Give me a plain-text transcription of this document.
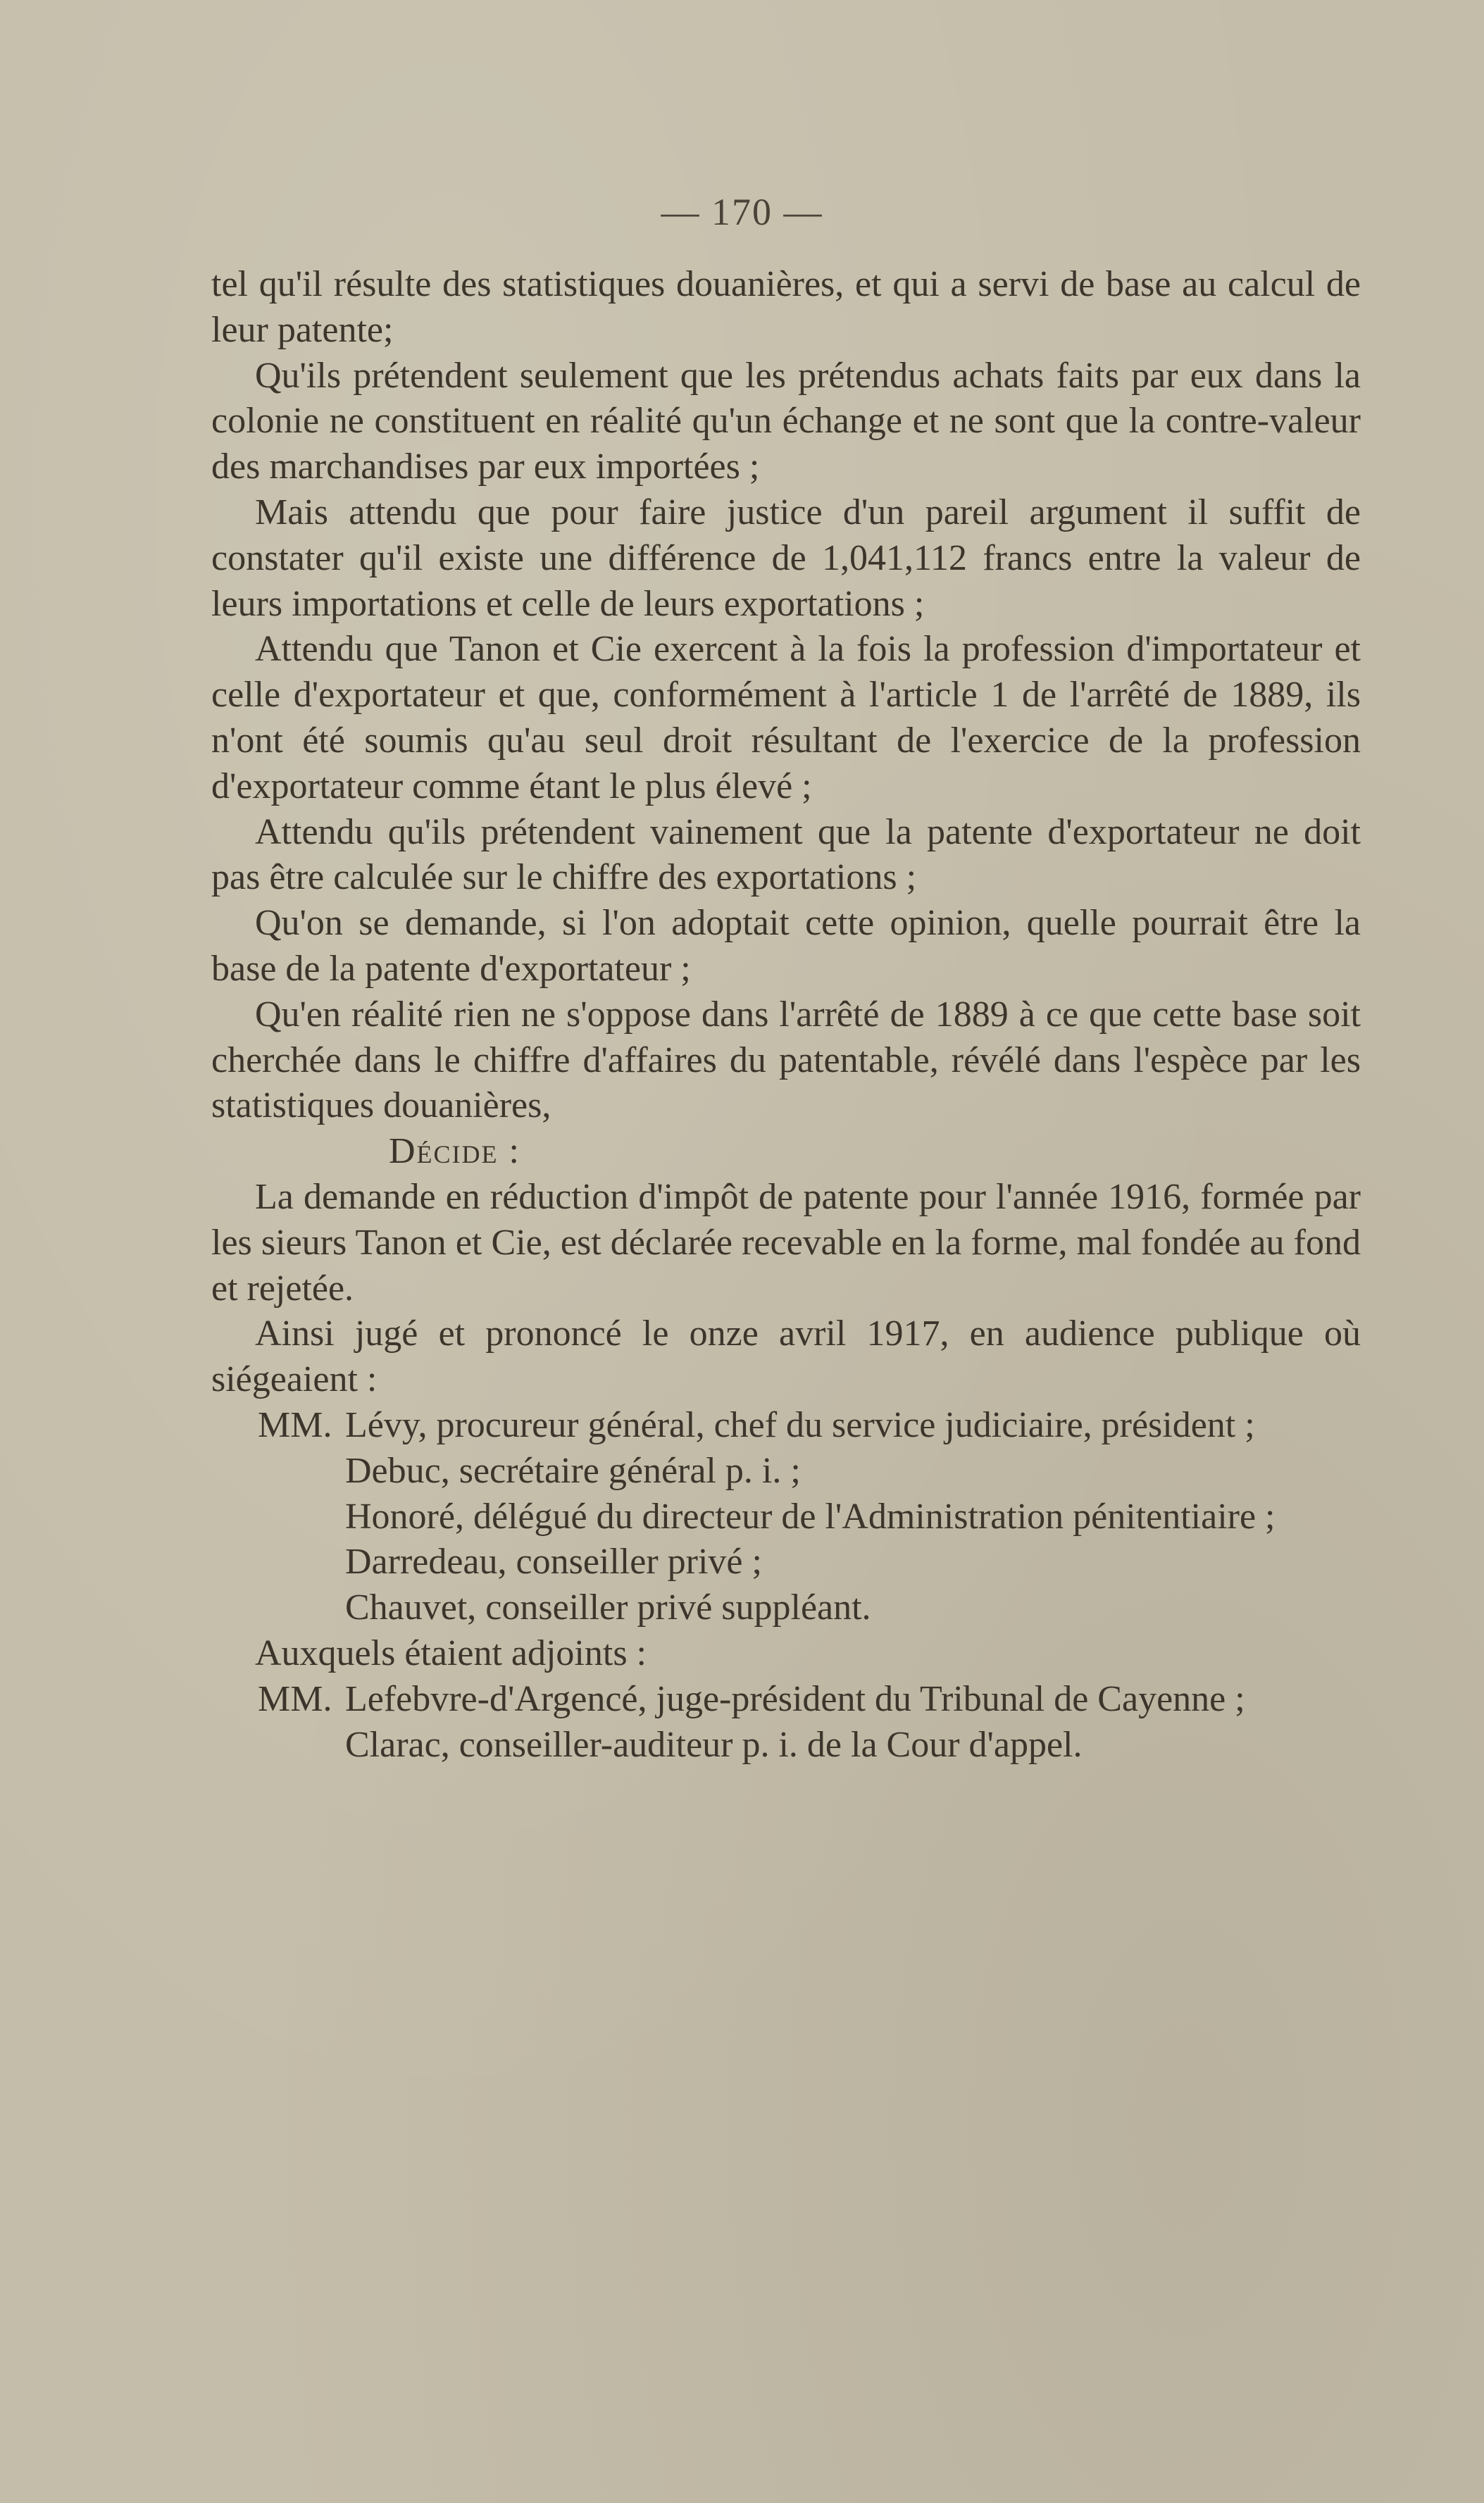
— 170 —

tel qu'il résulte des statistiques douanières, et qui a servi de base au calcul de leur patente;

Qu'ils prétendent seulement que les prétendus achats faits par eux dans la colonie ne constituent en réalité qu'un échange et ne sont que la contre-valeur des marchandises par eux importées ;

Mais attendu que pour faire justice d'un pareil argument il suffit de constater qu'il existe une différence de 1,041,112 francs entre la valeur de leurs importations et celle de leurs exportations ;

Attendu que Tanon et Cie exercent à la fois la profession d'importateur et celle d'exportateur et que, conformément à l'article 1 de l'arrêté de 1889, ils n'ont été soumis qu'au seul droit résultant de l'exercice de la profession d'exportateur comme étant le plus élevé ;

Attendu qu'ils prétendent vainement que la patente d'exportateur ne doit pas être calculée sur le chiffre des exportations ;

Qu'on se demande, si l'on adoptait cette opinion, quelle pourrait être la base de la patente d'exportateur ;

Qu'en réalité rien ne s'oppose dans l'arrêté de 1889 à ce que cette base soit cherchée dans le chiffre d'affaires du patentable, révélé dans l'espèce par les statistiques douanières,

Décide :

La demande en réduction d'impôt de patente pour l'année 1916, formée par les sieurs Tanon et Cie, est déclarée recevable en la forme, mal fondée au fond et rejetée.

Ainsi jugé et prononcé le onze avril 1917, en audience publique où siégeaient :

MM. Lévy, procureur général, chef du service judiciaire, président ;
Debuc, secrétaire général p. i. ;
Honoré, délégué du directeur de l'Administration pénitentiaire ;
Darredeau, conseiller privé ;
Chauvet, conseiller privé suppléant.

Auxquels étaient adjoints :

MM. Lefebvre-d'Argencé, juge-président du Tribunal de Cayenne ;
Clarac, conseiller-auditeur p. i. de la Cour d'appel.
